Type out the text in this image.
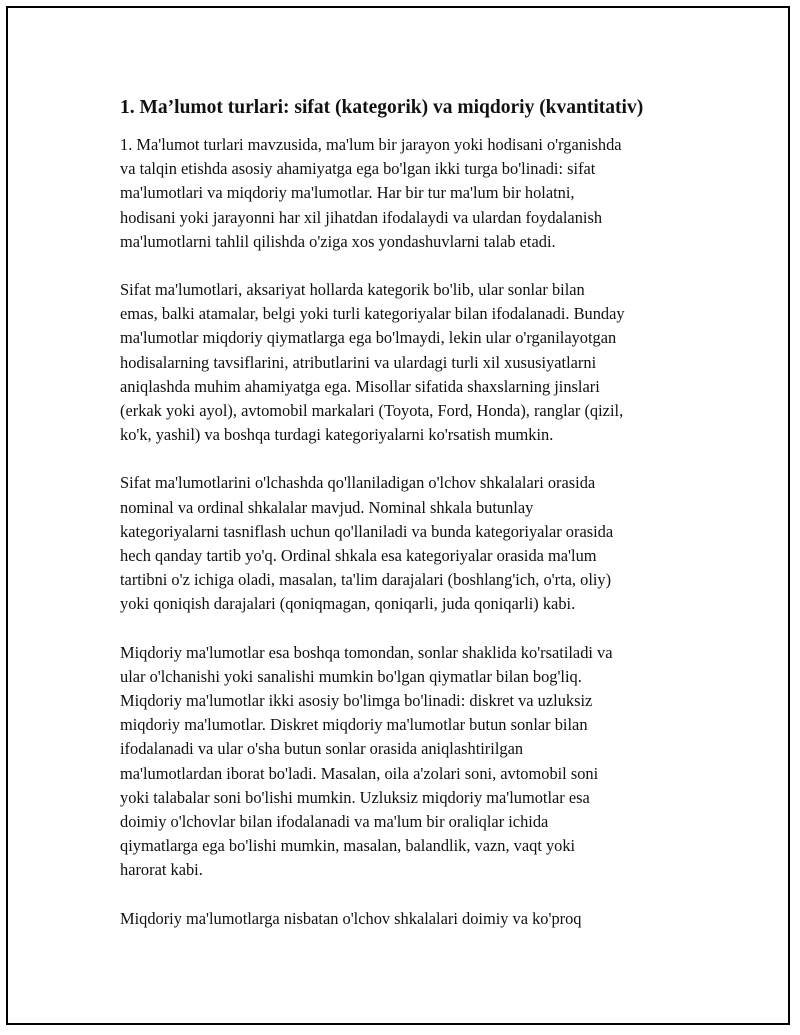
1. Ma’lumot turlari: sifat (kategorik) va miqdoriy (kvantitativ)

1. Ma'lumot turlari mavzusida, ma'lum bir jarayon yoki hodisani o'rganishda
va talqin etishda asosiy ahamiyatga ega bo'lgan ikki turga bo'linadi: sifat
ma'lumotlari va miqdoriy ma'lumotlar. Har bir tur ma'lum bir holatni,
hodisani yoki jarayonni har xil jihatdan ifodalaydi va ulardan foydalanish
ma'lumotlarni tahlil qilishda o'ziga xos yondashuvlarni talab etadi.

Sifat ma'lumotlari, aksariyat hollarda kategorik bo'lib, ular sonlar bilan
emas, balki atamalar, belgi yoki turli kategoriyalar bilan ifodalanadi. Bunday
ma'lumotlar miqdoriy qiymatlarga ega bo'lmaydi, lekin ular o'rganilayotgan
hodisalarning tavsiflarini, atributlarini va ulardagi turli xil xususiyatlarni
aniqlashda muhim ahamiyatga ega. Misollar sifatida shaxslarning jinslari
(erkak yoki ayol), avtomobil markalari (Toyota, Ford, Honda), ranglar (qizil,
ko'k, yashil) va boshqa turdagi kategoriyalarni ko'rsatish mumkin.

Sifat ma'lumotlarini o'lchashda qo'llaniladigan o'lchov shkalalari orasida
nominal va ordinal shkalalar mavjud. Nominal shkala butunlay
kategoriyalarni tasniflash uchun qo'llaniladi va bunda kategoriyalar orasida
hech qanday tartib yo'q. Ordinal shkala esa kategoriyalar orasida ma'lum
tartibni o'z ichiga oladi, masalan, ta'lim darajalari (boshlang'ich, o'rta, oliy)
yoki qoniqish darajalari (qoniqmagan, qoniqarli, juda qoniqarli) kabi.

Miqdoriy ma'lumotlar esa boshqa tomondan, sonlar shaklida ko'rsatiladi va
ular o'lchanishi yoki sanalishi mumkin bo'lgan qiymatlar bilan bog'liq.
Miqdoriy ma'lumotlar ikki asosiy bo'limga bo'linadi: diskret va uzluksiz
miqdoriy ma'lumotlar. Diskret miqdoriy ma'lumotlar butun sonlar bilan
ifodalanadi va ular o'sha butun sonlar orasida aniqlashtirilgan
ma'lumotlardan iborat bo'ladi. Masalan, oila a'zolari soni, avtomobil soni
yoki talabalar soni bo'lishi mumkin. Uzluksiz miqdoriy ma'lumotlar esa
doimiy o'lchovlar bilan ifodalanadi va ma'lum bir oraliqlar ichida
qiymatlarga ega bo'lishi mumkin, masalan, balandlik, vazn, vaqt yoki
harorat kabi.

Miqdoriy ma'lumotlarga nisbatan o'lchov shkalalari doimiy va ko'proq
